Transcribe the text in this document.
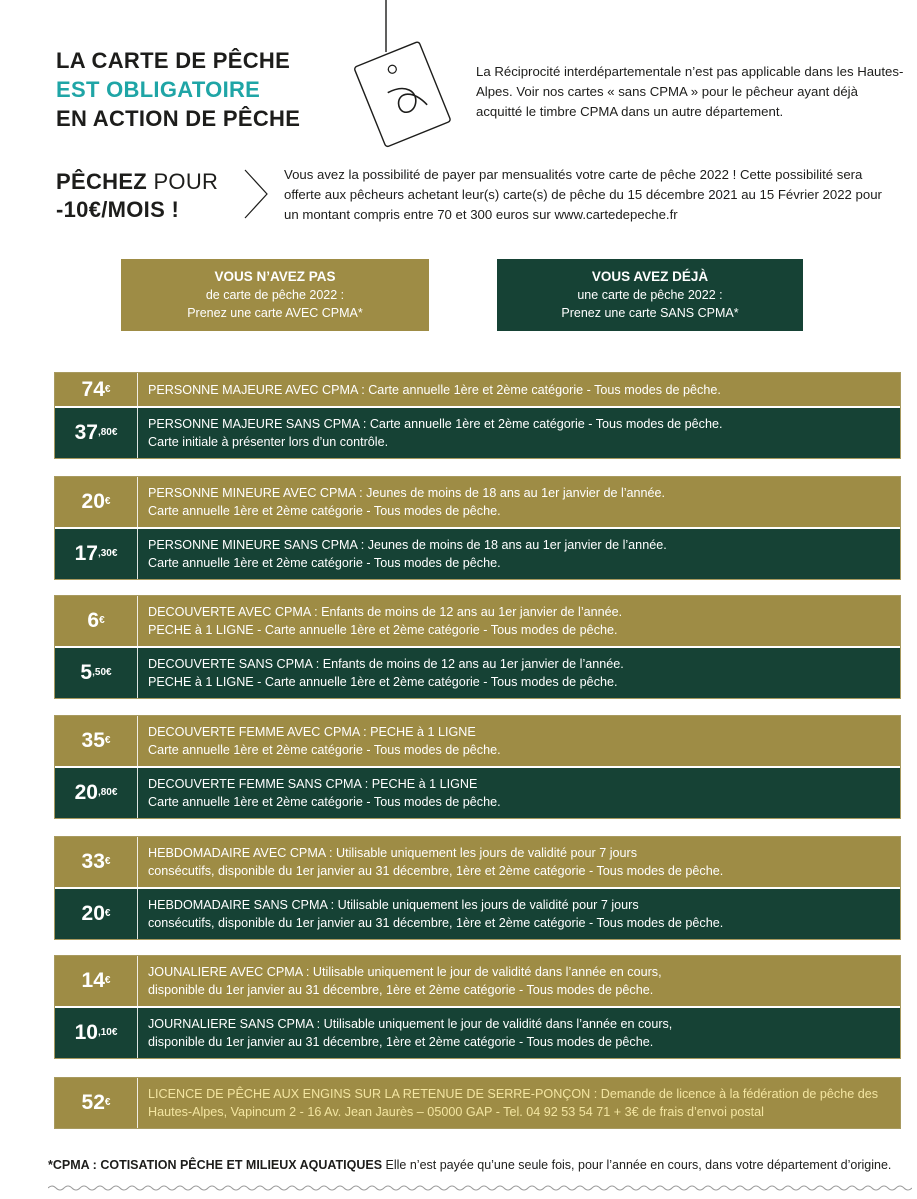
LA CARTE DE PÊCHE
EST OBLIGATOIRE
EN ACTION DE PÊCHE
La Réciprocité interdépartementale n’est pas applicable dans les Hautes-Alpes. Voir nos cartes « sans CPMA » pour le pêcheur ayant déjà acquitté le timbre CPMA dans un autre département.
PÊCHEZ POUR
-10€/MOIS !
Vous avez la possibilité de payer par mensualités votre carte de pêche 2022 ! Cette possibilité sera offerte aux pêcheurs achetant leur(s) carte(s) de pêche du 15 décembre 2021 au 15 Février 2022 pour un montant compris entre 70 et 300 euros sur www.cartedepeche.fr
VOUS N’AVEZ PAS
de carte de pêche 2022 :
Prenez une carte AVEC CPMA*
VOUS AVEZ DÉJÀ
une carte de pêche 2022 :
Prenez une carte SANS CPMA*
74 €	PERSONNE MAJEURE AVEC CPMA : Carte annuelle 1ère et 2ème catégorie - Tous modes de pêche.
37 ,80€
PERSONNE MAJEURE SANS CPMA : Carte annuelle 1ère et 2ème catégorie - Tous modes de pêche.
Carte initiale à présenter lors d’un contrôle.
20 €
PERSONNE MINEURE AVEC CPMA : Jeunes de moins de 18 ans au 1er janvier de l’année.
Carte annuelle 1ère et 2ème catégorie - Tous modes de pêche.
17 ,30€
PERSONNE MINEURE SANS CPMA : Jeunes de moins de 18 ans au 1er janvier de l’année.
Carte annuelle 1ère et 2ème catégorie - Tous modes de pêche.
6 €
DECOUVERTE AVEC CPMA : Enfants de moins de 12 ans au 1er janvier de l’année.
PECHE à 1 LIGNE - Carte annuelle 1ère et 2ème catégorie - Tous modes de pêche.
5 ,50€
DECOUVERTE SANS CPMA : Enfants de moins de 12 ans au 1er janvier de l’année.
PECHE à 1 LIGNE - Carte annuelle 1ère et 2ème catégorie - Tous modes de pêche.
35 €
DECOUVERTE FEMME AVEC CPMA : PECHE à 1 LIGNE
Carte annuelle 1ère et 2ème catégorie - Tous modes de pêche.
20 ,80€
DECOUVERTE FEMME SANS CPMA : PECHE à 1 LIGNE
Carte annuelle 1ère et 2ème catégorie - Tous modes de pêche.
33 €
HEBDOMADAIRE AVEC CPMA : Utilisable uniquement les jours de validité pour 7 jours
consécutifs, disponible du 1er janvier au 31 décembre, 1ère et 2ème catégorie - Tous modes de pêche.
20 €
HEBDOMADAIRE SANS CPMA : Utilisable uniquement les jours de validité pour 7 jours
consécutifs, disponible du 1er janvier au 31 décembre, 1ère et 2ème catégorie - Tous modes de pêche.
14 €
JOUNALIERE AVEC CPMA : Utilisable uniquement le jour de validité dans l’année en cours,
disponible du 1er janvier au 31 décembre, 1ère et 2ème catégorie - Tous modes de pêche.
10 ,10€
JOURNALIERE SANS CPMA : Utilisable uniquement le jour de validité dans l’année en cours,
disponible du 1er janvier au 31 décembre, 1ère et 2ème catégorie - Tous modes de pêche.
52 €
LICENCE DE PÊCHE AUX ENGINS SUR LA RETENUE DE SERRE-PONÇON : Demande de licence à la fédération de pêche des
Hautes-Alpes, Vapincum 2 - 16 Av. Jean Jaurès – 05000 GAP - Tel. 04 92 53 54 71 + 3€ de frais d’envoi postal
*CPMA : COTISATION PÊCHE ET MILIEUX AQUATIQUES Elle n’est payée qu’une seule fois, pour l’année en cours, dans votre département d’origine.
